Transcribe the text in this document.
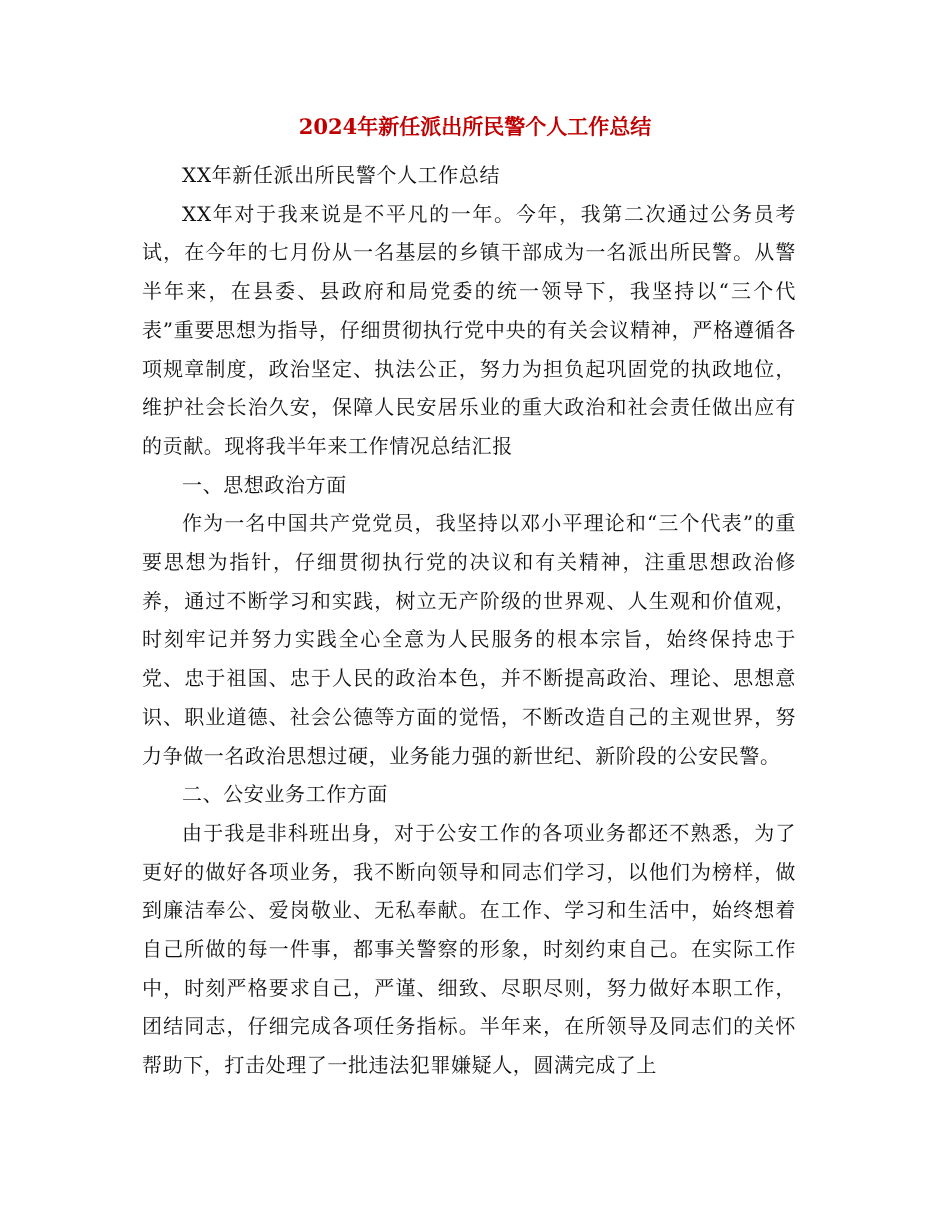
2024年新任派出所民警个人工作总结

XX年新任派出所民警个人工作总结

XX年对于我来说是不平凡的一年。今年，我第二次通过公务员考试，在今年的七月份从一名基层的乡镇干部成为一名派出所民警。从警半年来，在县委、县政府和局党委的统一领导下，我坚持以“三个代表”重要思想为指导，仔细贯彻执行党中央的有关会议精神，严格遵循各项规章制度，政治坚定、执法公正，努力为担负起巩固党的执政地位，维护社会长治久安，保障人民安居乐业的重大政治和社会责任做出应有的贡献。现将我半年来工作情况总结汇报

一、思想政治方面

作为一名中国共产党党员，我坚持以邓小平理论和“三个代表”的重要思想为指针，仔细贯彻执行党的决议和有关精神，注重思想政治修养，通过不断学习和实践，树立无产阶级的世界观、人生观和价值观，时刻牢记并努力实践全心全意为人民服务的根本宗旨，始终保持忠于党、忠于祖国、忠于人民的政治本色，并不断提高政治、理论、思想意识、职业道德、社会公德等方面的觉悟，不断改造自己的主观世界，努力争做一名政治思想过硬，业务能力强的新世纪、新阶段的公安民警。

二、公安业务工作方面

由于我是非科班出身，对于公安工作的各项业务都还不熟悉，为了更好的做好各项业务，我不断向领导和同志们学习，以他们为榜样，做到廉洁奉公、爱岗敬业、无私奉献。在工作、学习和生活中，始终想着自己所做的每一件事，都事关警察的形象，时刻约束自己。在实际工作中，时刻严格要求自己，严谨、细致、尽职尽则，努力做好本职工作，团结同志，仔细完成各项任务指标。半年来，在所领导及同志们的关怀帮助下，打击处理了一批违法犯罪嫌疑人，圆满完成了上
